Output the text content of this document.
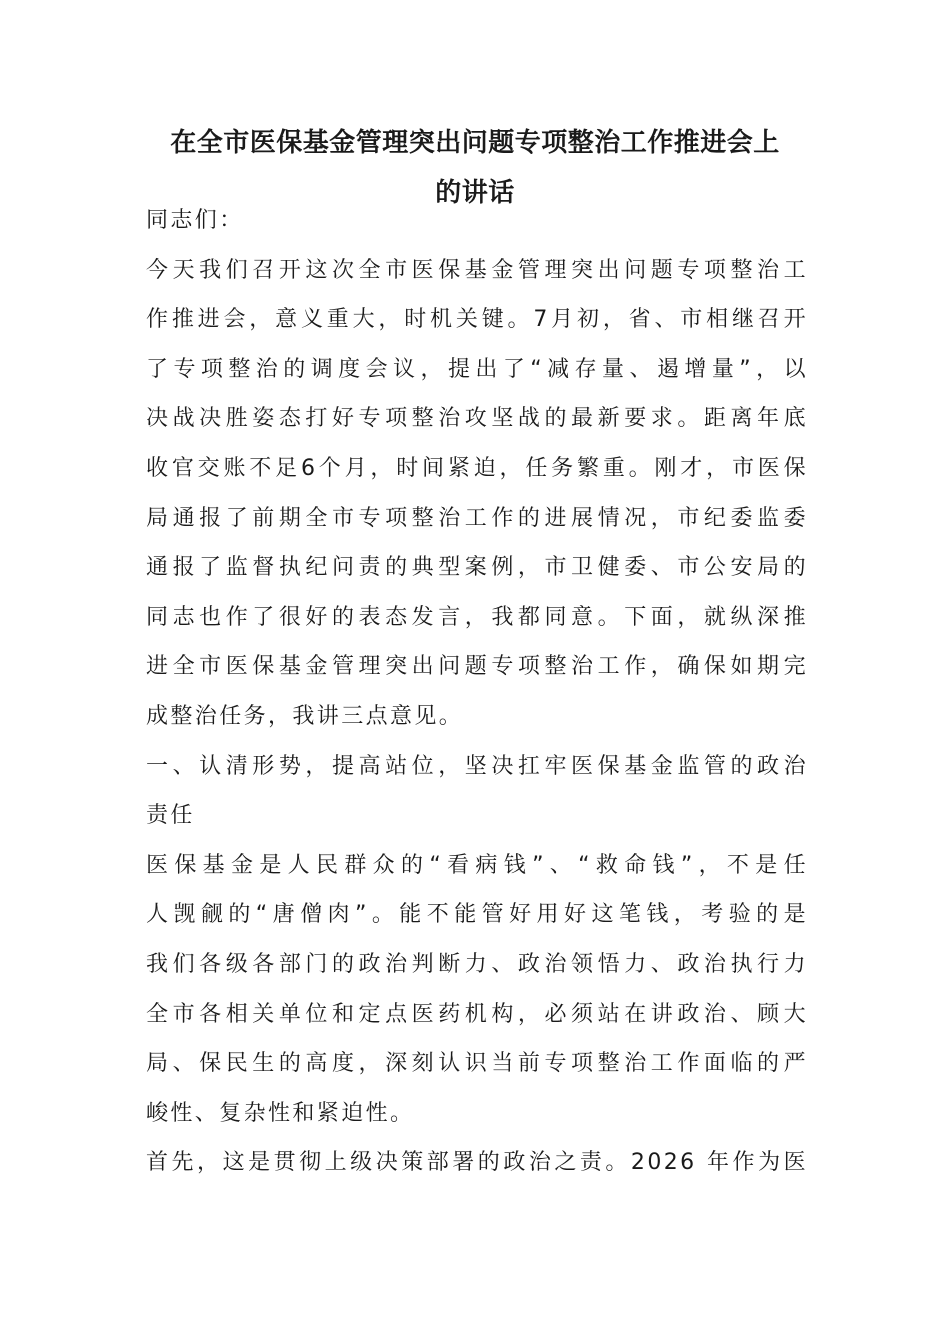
在全市医保基金管理突出问题专项整治工作推进会上
的讲话
同志们：
今天我们召开这次全市医保基金管理突出问题专项整治工
作推进会，意义重大，时机关键。7月初，省、市相继召开
了专项整治的调度会议，提出了“减存量、遏增量”，以
决战决胜姿态打好专项整治攻坚战的最新要求。距离年底
收官交账不足6个月，时间紧迫，任务繁重。刚才，市医保
局通报了前期全市专项整治工作的进展情况，市纪委监委
通报了监督执纪问责的典型案例，市卫健委、市公安局的
同志也作了很好的表态发言，我都同意。下面，就纵深推
进全市医保基金管理突出问题专项整治工作，确保如期完
成整治任务，我讲三点意见。
一、认清形势，提高站位，坚决扛牢医保基金监管的政治
责任
医保基金是人民群众的“看病钱”、“救命钱”，不是任
人觊觎的“唐僧肉”。能不能管好用好这笔钱，考验的是
我们各级各部门的政治判断力、政治领悟力、政治执行力
全市各相关单位和定点医药机构，必须站在讲政治、顾大
局、保民生的高度，深刻认识当前专项整治工作面临的严
峻性、复杂性和紧迫性。
首先，这是贯彻上级决策部署的政治之责。2026 年作为医
